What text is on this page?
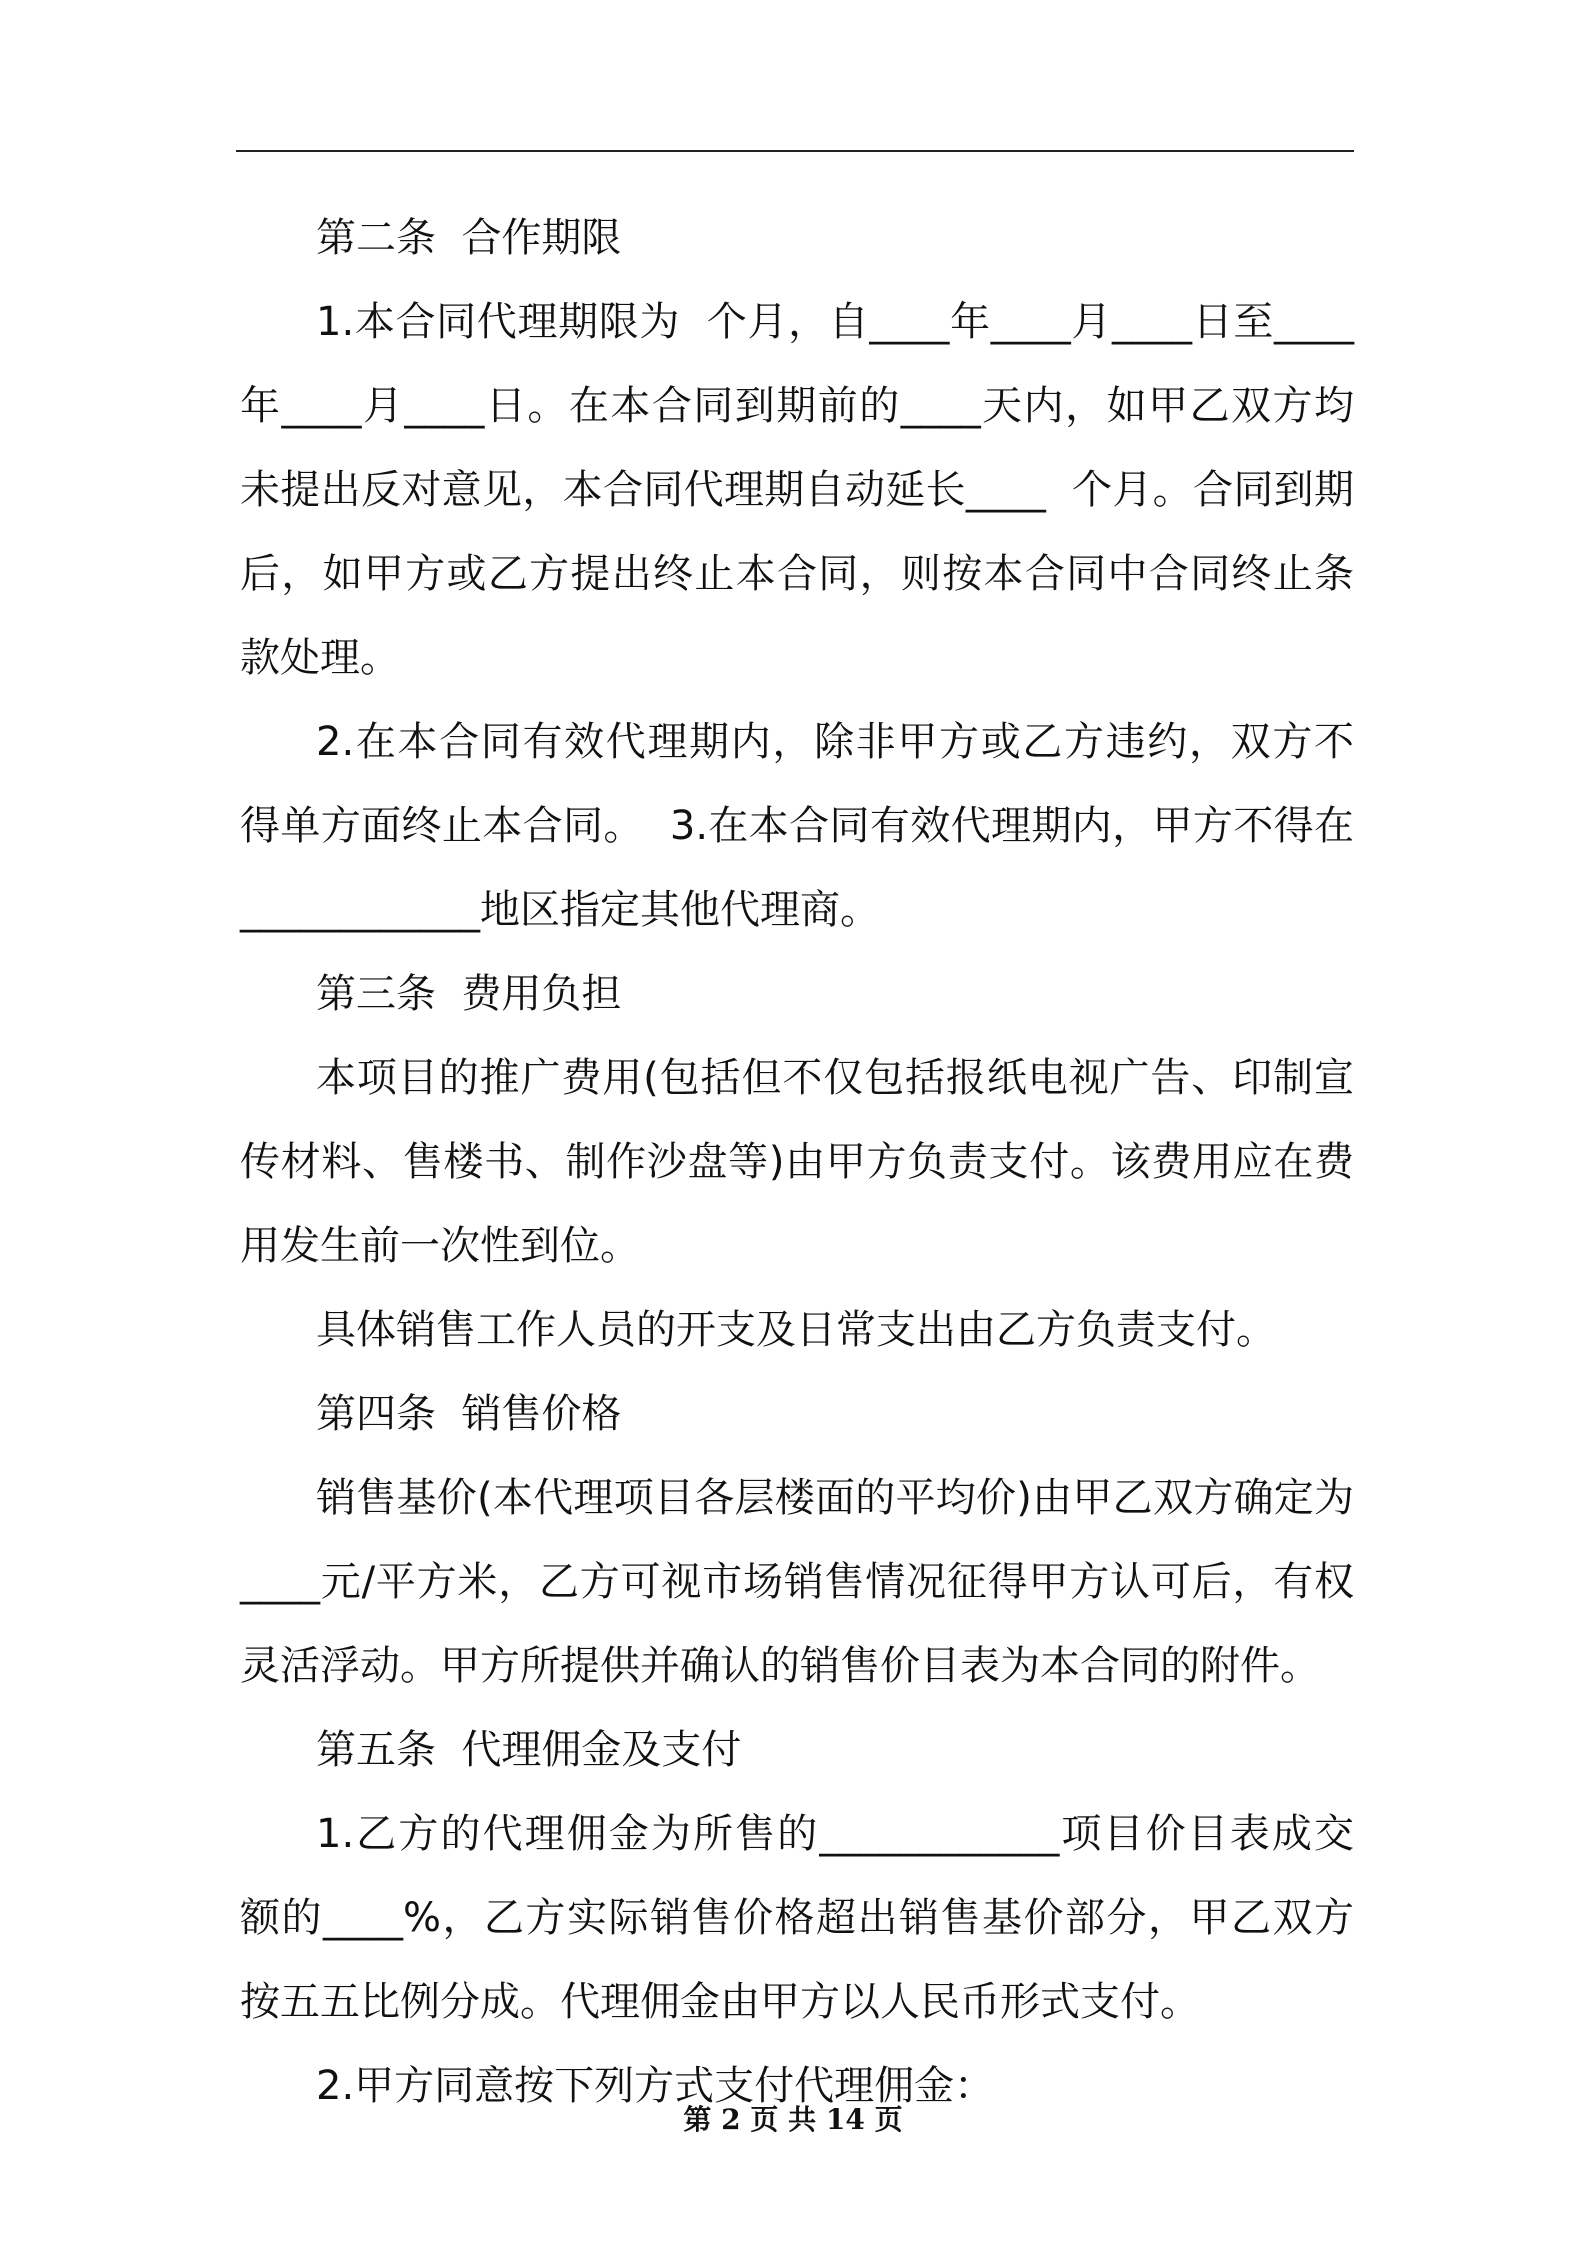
第二条  合作期限

1.本合同代理期限为  个月，自____年____月____日至____年____月____日。在本合同到期前的____天内，如甲乙双方均未提出反对意见，本合同代理期自动延长____  个月。合同到期后，如甲方或乙方提出终止本合同，则按本合同中合同终止条款处理。

2.在本合同有效代理期内，除非甲方或乙方违约，双方不得单方面终止本合同。  3.在本合同有效代理期内，甲方不得在____________地区指定其他代理商。

第三条  费用负担

本项目的推广费用(包括但不仅包括报纸电视广告、印制宣传材料、售楼书、制作沙盘等)由甲方负责支付。该费用应在费用发生前一次性到位。

具体销售工作人员的开支及日常支出由乙方负责支付。

第四条  销售价格

销售基价(本代理项目各层楼面的平均价)由甲乙双方确定为____元/平方米，乙方可视市场销售情况征得甲方认可后，有权灵活浮动。甲方所提供并确认的销售价目表为本合同的附件。

第五条  代理佣金及支付

1.乙方的代理佣金为所售的____________项目价目表成交额的____%，乙方实际销售价格超出销售基价部分，甲乙双方按五五比例分成。代理佣金由甲方以人民币形式支付。

2.甲方同意按下列方式支付代理佣金：

第 2 页 共 14 页
